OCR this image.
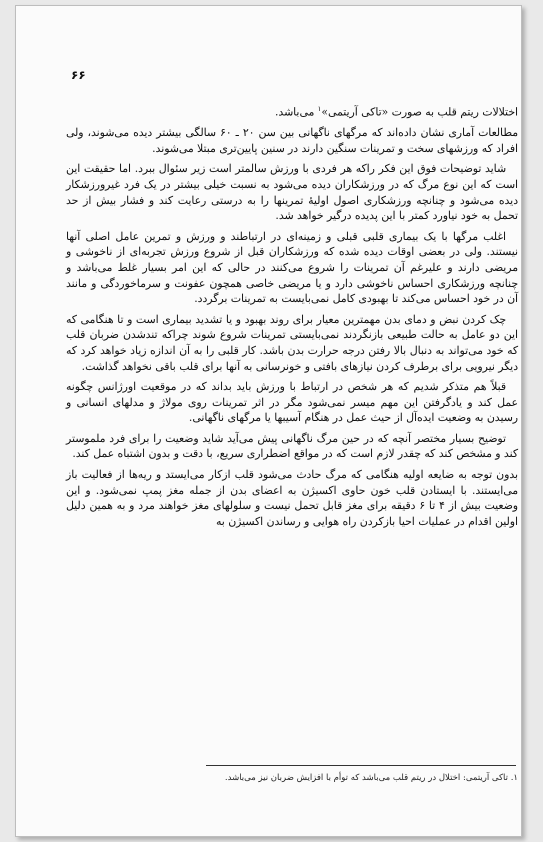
۶۶

اختلالات ریتم قلب به صورت «تاکی آریتمی»$^۱$ می‌باشد.

مطالعات آماری نشان داده‌اند که مرگهای ناگهانی بین سن ۲۰ ـ ۶۰ سالگی بیشتر دیده می‌شوند، ولی افراد که ورزشهای سخت و تمرینات سنگین دارند در سنین پایین‌تری مبتلا می‌شوند.

شاید توضیحات فوق این فکر راکه هر فردی با ورزش سالمتر است زیر سئوال ببرد. اما حقیقت این است که این نوع مرگ که در ورزشکاران دیده می‌شود به نسبت خیلی بیشتر در یک فرد غیرورزشکار دیده می‌شود و چنانچه ورزشکاری اصول اولیهٔ تمرینها را به درستی رعایت کند و فشار بیش از حد تحمل به خود نیاورد کمتر با این پدیده درگیر خواهد شد.

اغلب مرگها با یک بیماری قلبی قبلی و زمینه‌ای در ارتباطند و ورزش و تمرین عامل اصلی آنها نیستند. ولی در بعضی اوقات دیده شده که ورزشکاران قبل از شروع ورزش تجربه‌ای از ناخوشی و مریضی دارند و علیرغم آن تمرینات را شروع می‌کنند در حالی که این امر بسیار غلط می‌باشد و چنانچه ورزشکاری احساس ناخوشی دارد و یا مریضی خاصی همچون عفونت و سرماخوردگی و مانند آن در خود احساس می‌کند تا بهبودی کامل نمی‌بایست به تمرینات برگردد.

چک کردن نبض و دمای بدن مهمترین معیار برای روند بهبود و یا تشدید بیماری است و تا هنگامی که این دو عامل به حالت طبیعی بازنگردند نمی‌بایستی تمرینات شروع شوند چراکه تندشدن ضربان قلب که خود می‌تواند به دنبال بالا رفتن درجه حرارت بدن باشد. کار قلبی را به آن اندازه زیاد خواهد کرد که دیگر نیرویی برای برطرف کردن نیازهای بافتی و خونرسانی به آنها برای قلب باقی نخواهد گذاشت.

قبلاً هم متذکر شدیم که هر شخص در ارتباط با ورزش باید بداند که در موقعیت اورژانس چگونه عمل کند و یادگرفتن این مهم میسر نمی‌شود مگر در اثر تمرینات روی مولاژ و مدلهای انسانی و رسیدن به وضعیت ایده‌آل از حیث عمل در هنگام آسیبها یا مرگهای ناگهانی.

توضیح بسیار مختصر آنچه که در حین مرگ ناگهانی پیش می‌آید شاید وضعیت را برای فرد ملموستر کند و مشخص کند که چقدر لازم است که در مواقع اضطراری سریع، با دقت و بدون اشتباه عمل کند.

بدون توجه به ضایعه اولیه هنگامی که مرگ حادث می‌شود قلب ازکار می‌ایستد و ریه‌ها از فعالیت باز می‌ایستند. با ایستادن قلب خون حاوی اکسیژن به اعضای بدن از جمله مغز پمپ نمی‌شود. و این وضعیت بیش از ۴ تا ۶ دقیقه برای مغز قابل تحمل نیست و سلولهای مغز خواهند مرد و به همین دلیل اولین اقدام در عملیات احیا بازکردن راه هوایی و رساندن اکسیژن به

۱. تاکی آریتمی: اختلال در ریتم قلب می‌باشد که توأم با افزایش ضربان نیز می‌باشد.
